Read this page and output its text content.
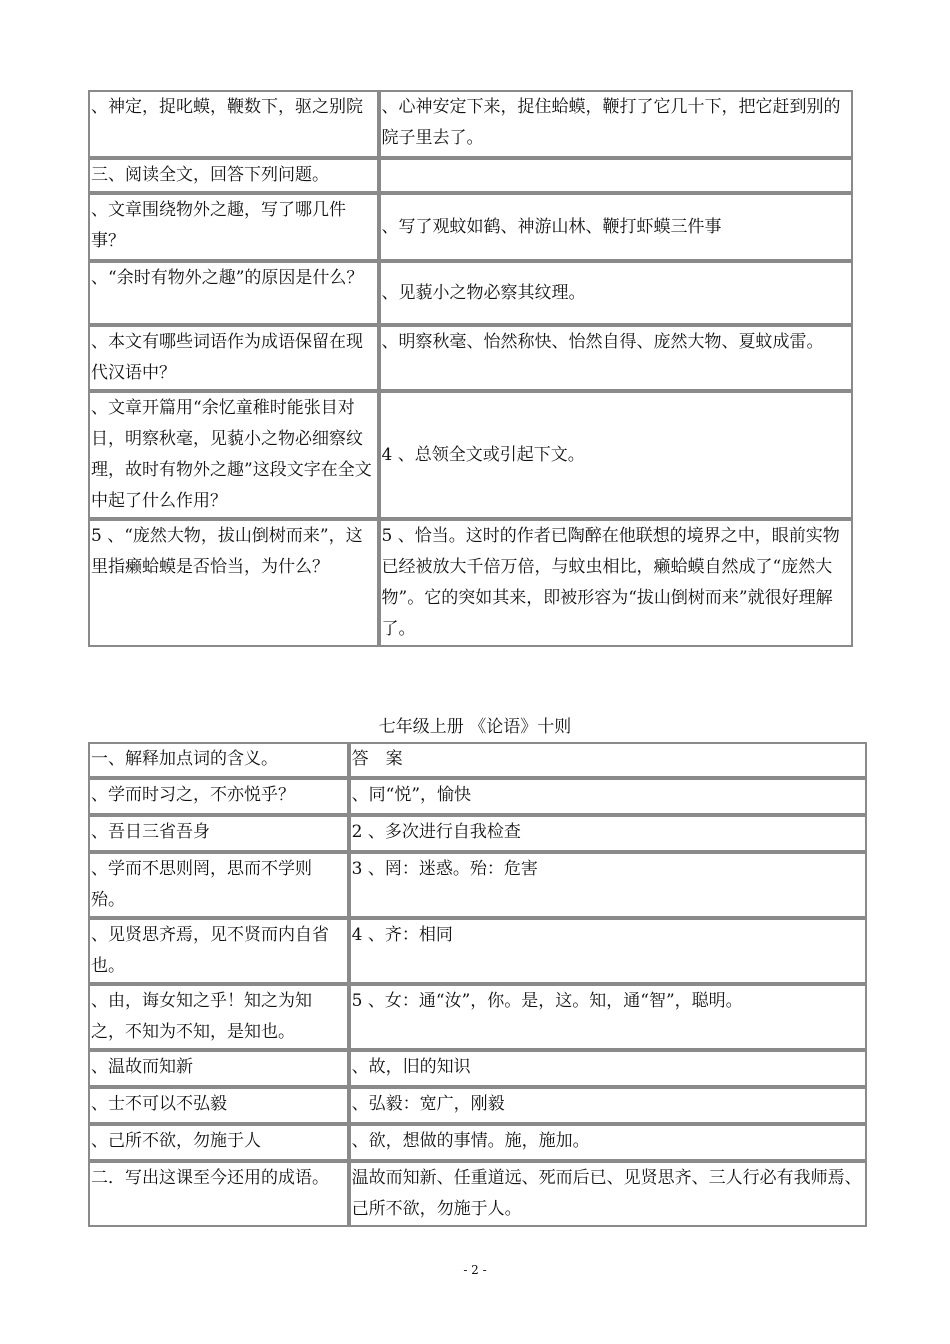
、神定，捉叱蟆，鞭数下，驱之别院	、心神安定下来，捉住蛤蟆，鞭打了它几十下，把它赶到别的院子里去了。
三、阅读全文，回答下列问题。	
、文章围绕物外之趣，写了哪几件事？	、写了观蚊如鹤、神游山林、鞭打虾蟆三件事
、“余时有物外之趣”的原因是什么？	、见藐小之物必察其纹理。
、本文有哪些词语作为成语保留在现代汉语中？	、明察秋毫、怡然称快、怡然自得、庞然大物、夏蚊成雷。
、文章开篇用“余忆童稚时能张目对日，明察秋毫，见藐小之物必细察纹理，故时有物外之趣”这段文字在全文中起了什么作用？	4 、总领全文或引起下文。
5 、“庞然大物，拔山倒树而来”，这里指癞蛤蟆是否恰当，为什么？	5 、恰当。这时的作者已陶醉在他联想的境界之中，眼前实物已经被放大千倍万倍，与蚊虫相比，癞蛤蟆自然成了“庞然大物”。它的突如其来，即被形容为“拔山倒树而来”就很好理解了。
七年级上册 《论语》十则
一、解释加点词的含义。	答　案
、学而时习之，不亦悦乎？	、同“悦”，愉快
、吾日三省吾身	2 、多次进行自我检查
、学而不思则罔，思而不学则殆。	3 、罔：迷惑。殆：危害
、见贤思齐焉，见不贤而内自省也。	4 、齐：相同
、由，诲女知之乎！知之为知之，不知为不知，是知也。	5 、女：通“汝”，你。是，这。知，通“智”，聪明。
、温故而知新	、故，旧的知识
、士不可以不弘毅	、弘毅：宽广，刚毅
、己所不欲，勿施于人	、欲，想做的事情。施，施加。
二．写出这课至今还用的成语。	温故而知新、任重道远、死而后已、见贤思齐、三人行必有我师焉、己所不欲，勿施于人。
- 2 -
